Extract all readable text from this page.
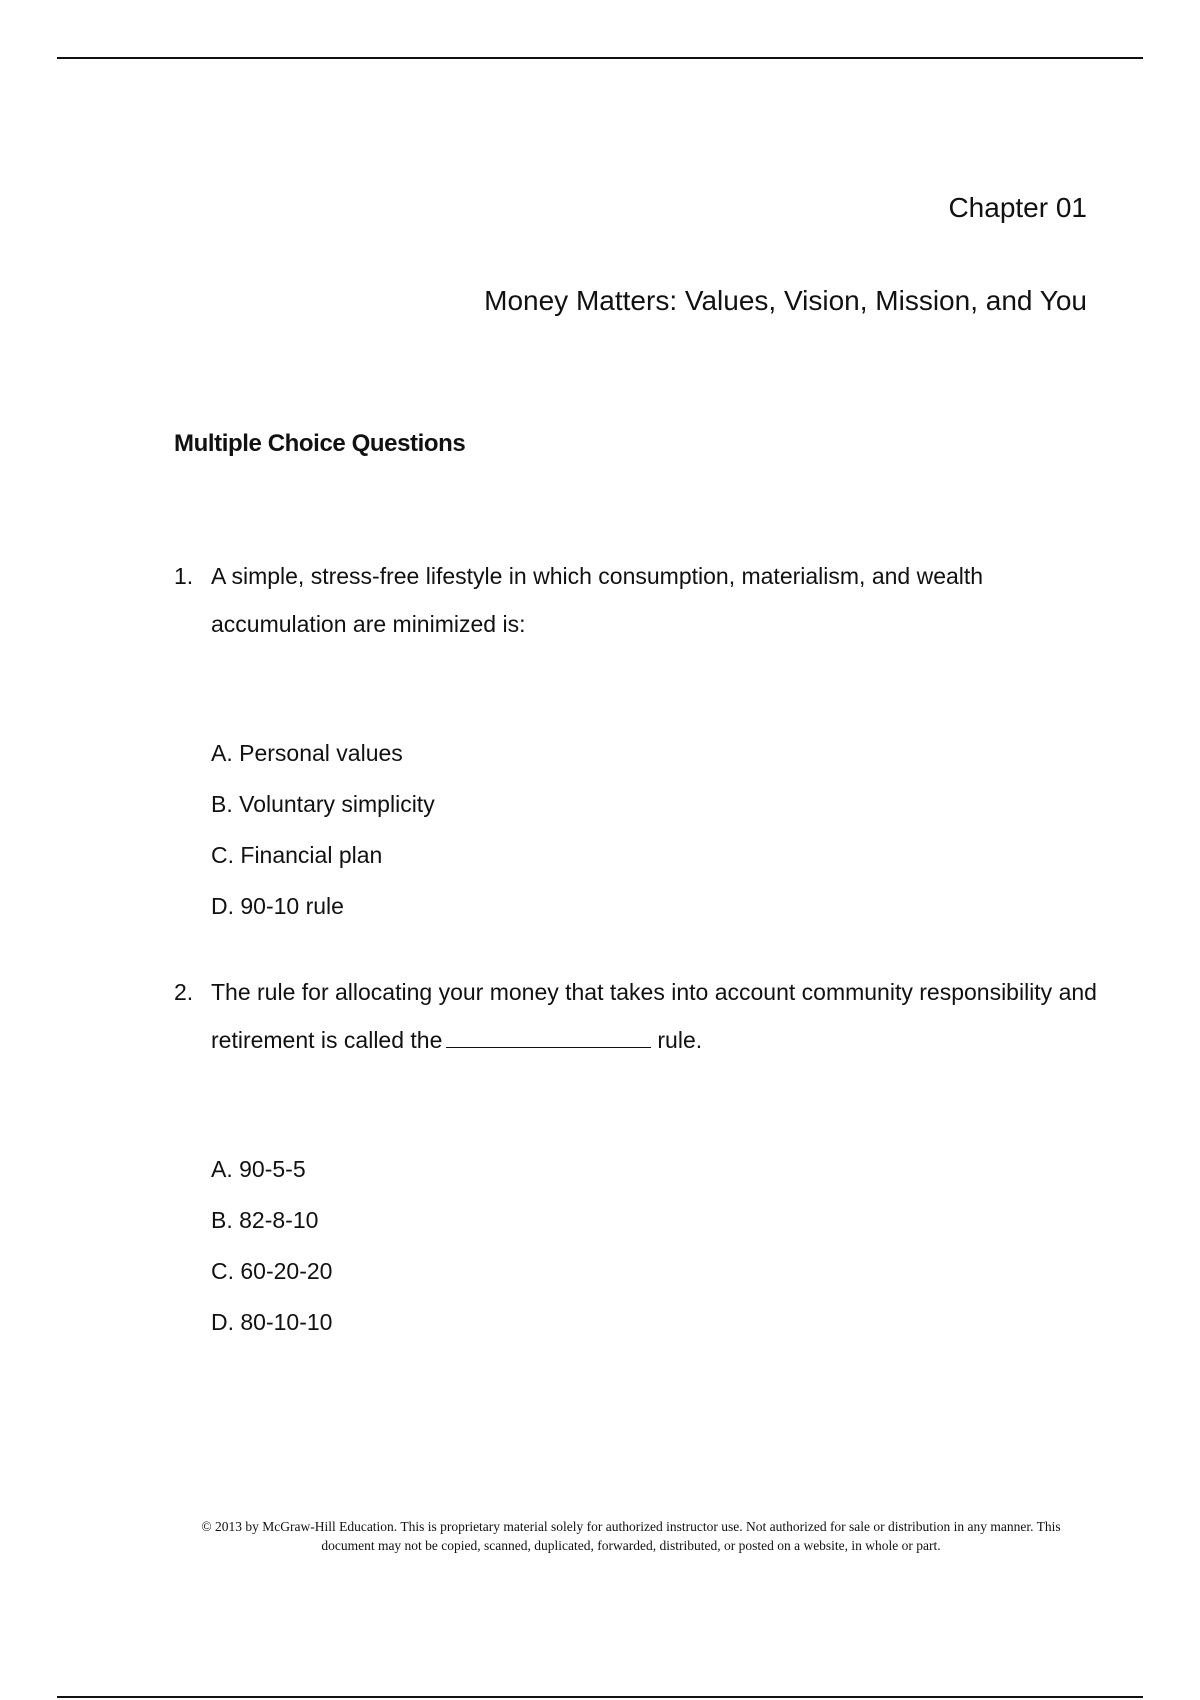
Chapter 01
Money Matters: Values, Vision, Mission, and You
Multiple Choice Questions
1. A simple, stress-free lifestyle in which consumption, materialism, and wealth accumulation are minimized is:
A. Personal values
B. Voluntary simplicity
C. Financial plan
D. 90-10 rule
2. The rule for allocating your money that takes into account community responsibility and retirement is called the	rule.
A. 90-5-5
B. 82-8-10
C. 60-20-20
D. 80-10-10
© 2013 by McGraw-Hill Education. This is proprietary material solely for authorized instructor use. Not authorized for sale or distribution in any manner. This document may not be copied, scanned, duplicated, forwarded, distributed, or posted on a website, in whole or part.
